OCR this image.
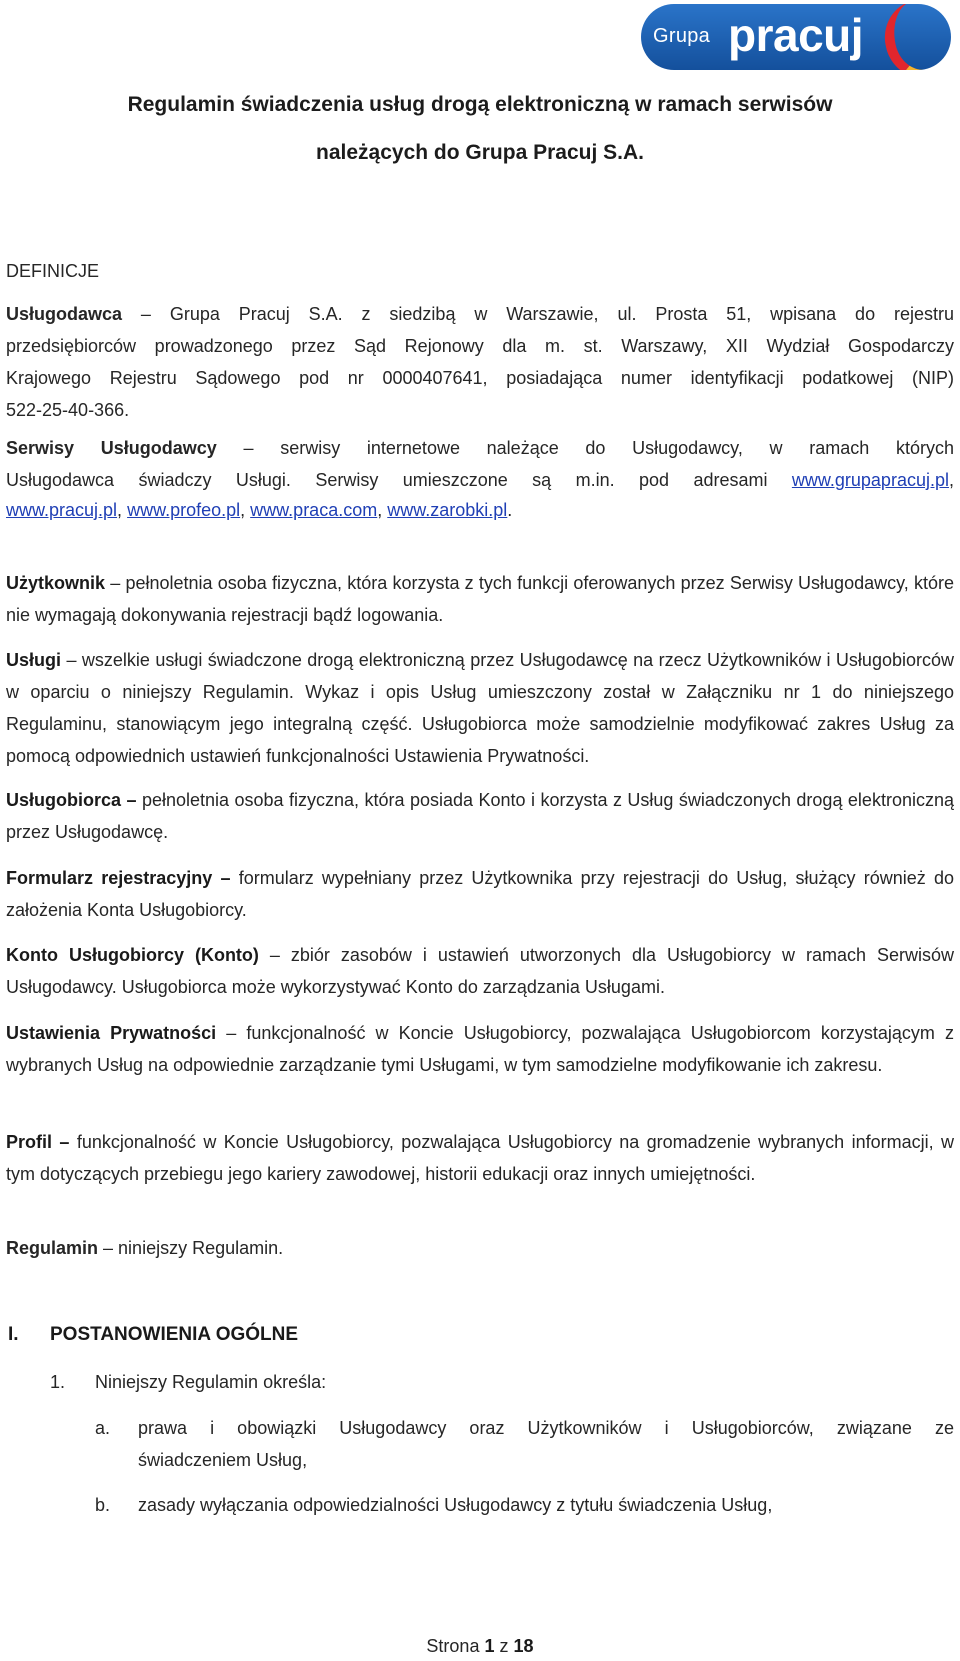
Grupa pracuj
Regulamin świadczenia usług drogą elektroniczną w ramach serwisów
należących do Grupa Pracuj S.A.
DEFINICJE
Usługodawca – Grupa Pracuj S.A. z siedzibą w Warszawie, ul. Prosta 51, wpisana do rejestru
przedsiębiorców prowadzonego przez Sąd Rejonowy dla m. st. Warszawy, XII Wydział Gospodarczy
Krajowego Rejestru Sądowego pod nr 0000407641, posiadająca numer identyfikacji podatkowej (NIP)
522-25-40-366.
Serwisy Usługodawcy – serwisy internetowe należące do Usługodawcy, w ramach których
Usługodawca świadczy Usługi. Serwisy umieszczone są m.in. pod adresami www.grupapracuj.pl,
www.pracuj.pl, www.profeo.pl, www.praca.com, www.zarobki.pl.
Użytkownik – pełnoletnia osoba fizyczna, która korzysta z tych funkcji oferowanych przez Serwisy Usługodawcy, które nie wymagają dokonywania rejestracji bądź logowania.
Usługi – wszelkie usługi świadczone drogą elektroniczną przez Usługodawcę na rzecz Użytkowników i Usługobiorców w oparciu o niniejszy Regulamin. Wykaz i opis Usług umieszczony został w Załączniku nr 1 do niniejszego Regulaminu, stanowiącym jego integralną część. Usługobiorca może samodzielnie modyfikować zakres Usług za pomocą odpowiednich ustawień funkcjonalności Ustawienia Prywatności.
Usługobiorca – pełnoletnia osoba fizyczna, która posiada Konto i korzysta z Usług świadczonych drogą elektroniczną przez Usługodawcę.
Formularz rejestracyjny – formularz wypełniany przez Użytkownika przy rejestracji do Usług, służący również do założenia Konta Usługobiorcy.
Konto Usługobiorcy (Konto) – zbiór zasobów i ustawień utworzonych dla Usługobiorcy w ramach Serwisów Usługodawcy. Usługobiorca może wykorzystywać Konto do zarządzania Usługami.
Ustawienia Prywatności – funkcjonalność w Koncie Usługobiorcy, pozwalająca Usługobiorcom korzystającym z wybranych Usług na odpowiednie zarządzanie tymi Usługami, w tym samodzielne modyfikowanie ich zakresu.
Profil – funkcjonalność w Koncie Usługobiorcy, pozwalająca Usługobiorcy na gromadzenie wybranych informacji, w tym dotyczących przebiegu jego kariery zawodowej, historii edukacji oraz innych umiejętności.
Regulamin – niniejszy Regulamin.
I. POSTANOWIENIA OGÓLNE
1. Niniejszy Regulamin określa:
a. prawa i obowiązki Usługodawcy oraz Użytkowników i Usługobiorców, związane ze
świadczeniem Usług,
b. zasady wyłączania odpowiedzialności Usługodawcy z tytułu świadczenia Usług,
Strona 1 z 18
